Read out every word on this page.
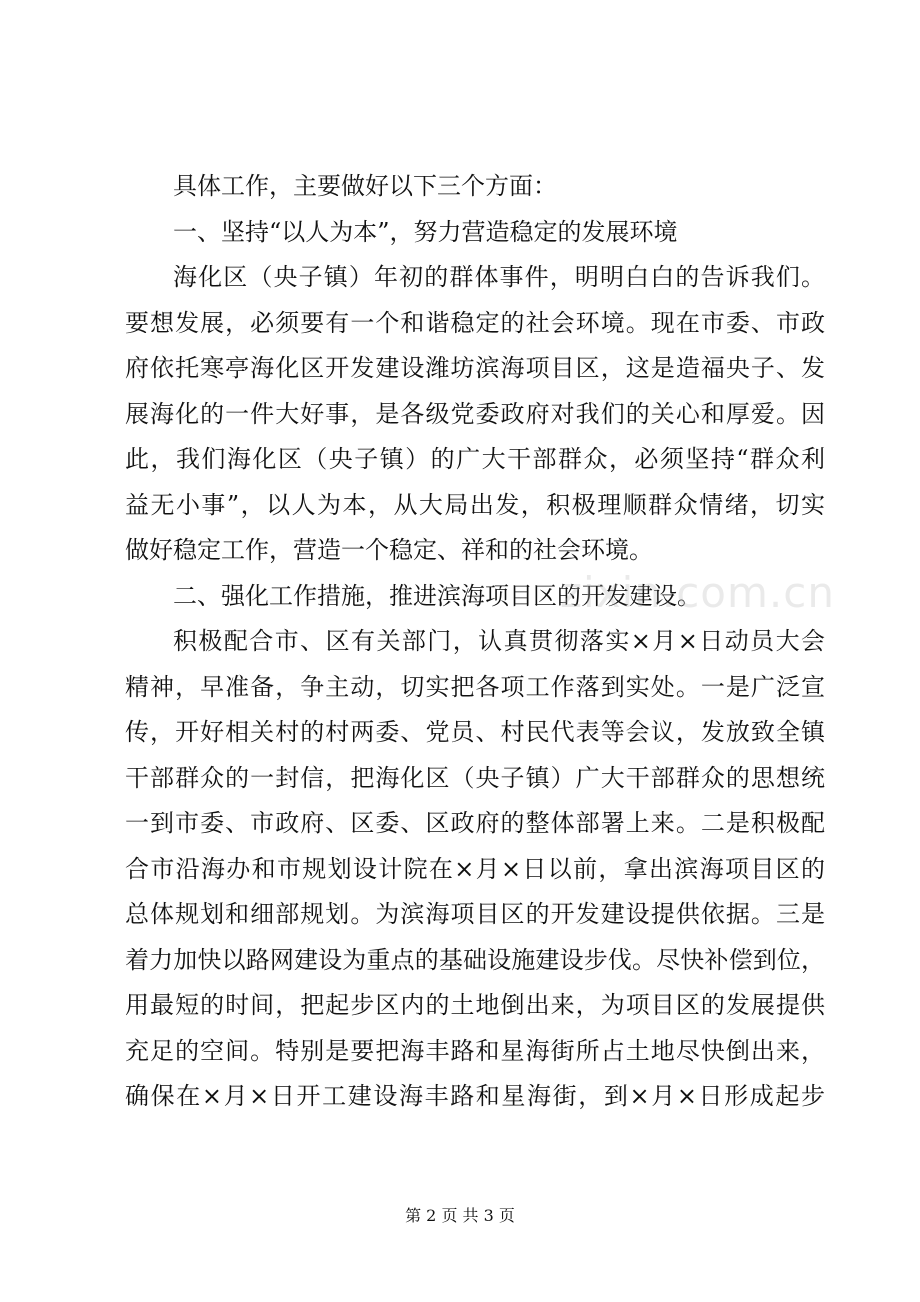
具体工作，主要做好以下三个方面：
一、坚持“以人为本”，努力营造稳定的发展环境
海化区（央子镇）年初的群体事件，明明白白的告诉我们。
要想发展，必须要有一个和谐稳定的社会环境。现在市委、市政
府依托寒亭海化区开发建设潍坊滨海项目区，这是造福央子、发
展海化的一件大好事，是各级党委政府对我们的关心和厚爱。因
此，我们海化区（央子镇）的广大干部群众，必须坚持“群众利
益无小事”，以人为本，从大局出发，积极理顺群众情绪，切实
做好稳定工作，营造一个稳定、祥和的社会环境。
二、强化工作措施，推进滨海项目区的开发建设。
积极配合市、区有关部门，认真贯彻落实×月×日动员大会
精神，早准备，争主动，切实把各项工作落到实处。一是广泛宣
传，开好相关村的村两委、党员、村民代表等会议，发放致全镇
干部群众的一封信，把海化区（央子镇）广大干部群众的思想统
一到市委、市政府、区委、区政府的整体部署上来。二是积极配
合市沿海办和市规划设计院在×月×日以前，拿出滨海项目区的
总体规划和细部规划。为滨海项目区的开发建设提供依据。三是
着力加快以路网建设为重点的基础设施建设步伐。尽快补偿到位，
用最短的时间，把起步区内的土地倒出来，为项目区的发展提供
充足的空间。特别是要把海丰路和星海街所占土地尽快倒出来，
确保在×月×日开工建设海丰路和星海街，到×月×日形成起步
zixin.com.cn
第 2 页 共 3 页
